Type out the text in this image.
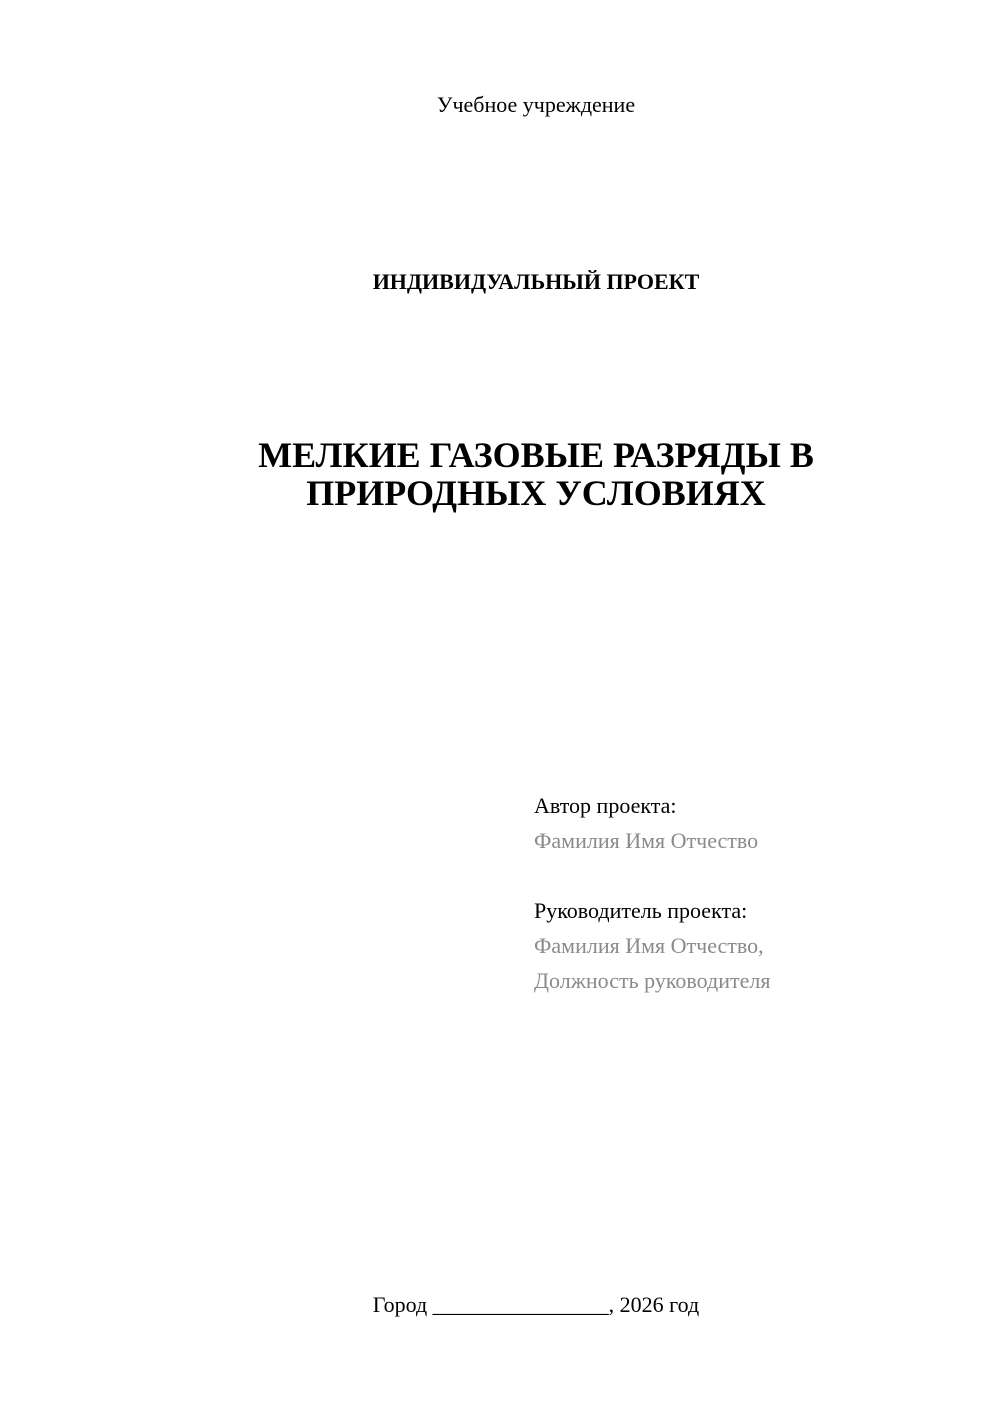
Учебное учреждение
ИНДИВИДУАЛЬНЫЙ ПРОЕКТ
МЕЛКИЕ ГАЗОВЫЕ РАЗРЯДЫ В
ПРИРОДНЫХ УСЛОВИЯХ
Автор проекта:
Фамилия Имя Отчество
Руководитель проекта:
Фамилия Имя Отчество,
Должность руководителя
Город ________________, 2026 год
